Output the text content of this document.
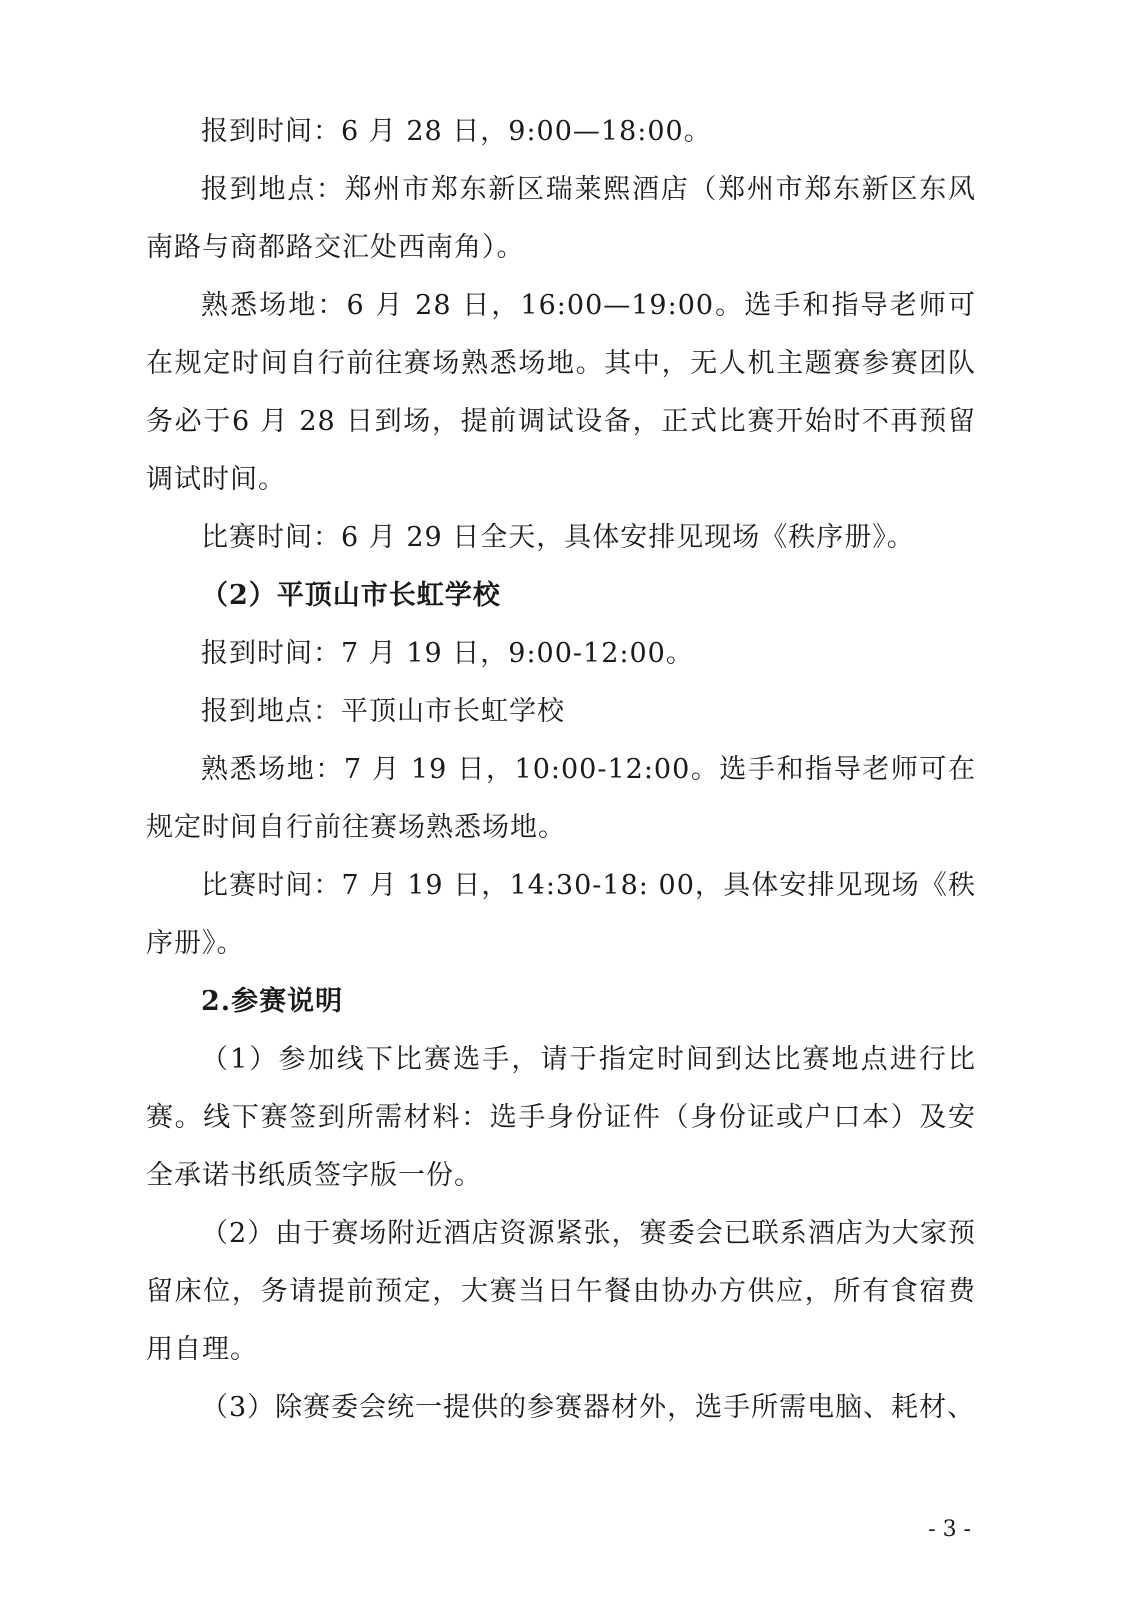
报到时间：6 月 28 日，9:00—18:00。

报到地点：郑州市郑东新区瑞莱熙酒店（郑州市郑东新区东风南路与商都路交汇处西南角）。

熟悉场地：6 月 28 日，16:00—19:00。选手和指导老师可在规定时间自行前往赛场熟悉场地。其中，无人机主题赛参赛团队务必于6 月 28 日到场，提前调试设备，正式比赛开始时不再预留调试时间。

比赛时间：6 月 29 日全天，具体安排见现场《秩序册》。

（2）平顶山市长虹学校

报到时间：7 月 19 日，9:00-12:00。

报到地点：平顶山市长虹学校

熟悉场地：7 月 19 日，10:00-12:00。选手和指导老师可在规定时间自行前往赛场熟悉场地。

比赛时间：7 月 19 日，14:30-18: 00，具体安排见现场《秩序册》。

2.参赛说明

（1）参加线下比赛选手，请于指定时间到达比赛地点进行比赛。线下赛签到所需材料：选手身份证件（身份证或户口本）及安全承诺书纸质签字版一份。

（2）由于赛场附近酒店资源紧张，赛委会已联系酒店为大家预留床位，务请提前预定，大赛当日午餐由协办方供应，所有食宿费用自理。

（3）除赛委会统一提供的参赛器材外，选手所需电脑、耗材、

- 3 -
